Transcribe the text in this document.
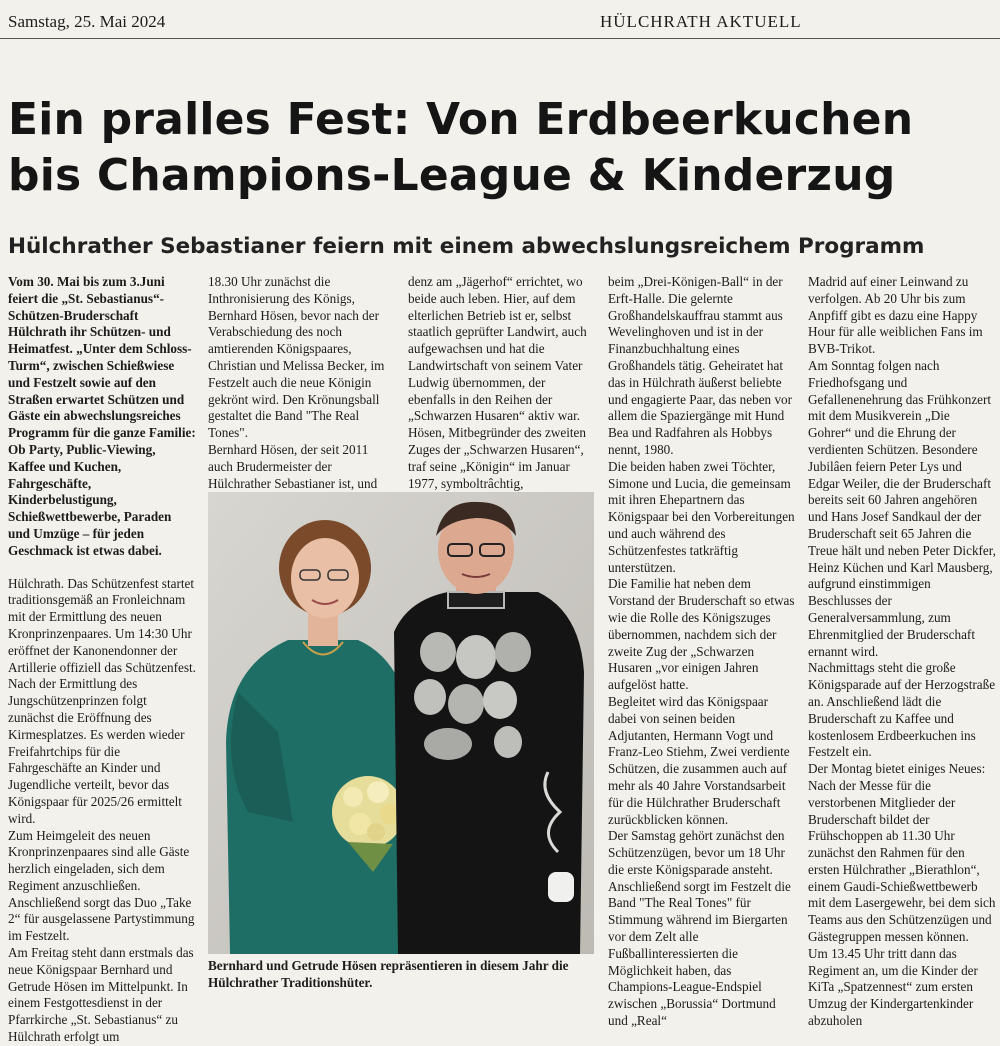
Samstag, 25. Mai 2024	HÜLCHRATH AKTUELL
Ein pralles Fest: Von Erdbeerkuchen
bis Champions-League & Kinderzug
Hülchrather Sebastianer feiern mit einem abwechslungsreichem Programm

Vom 30. Mai bis zum 3.Juni feiert die „St. Sebastianus“-Schützen-Bruderschaft Hülchrath ihr Schützen- und Heimatfest. „Unter dem Schloss-Turm“, zwischen Schießwiese und Festzelt sowie auf den Straßen erwartet Schützen und Gäste ein abwechslungsreiches Programm für die ganze Familie: Ob Party, Public-Viewing, Kaffee und Kuchen, Fahrgeschäfte, Kinderbelustigung, Schießwettbewerbe, Paraden und Umzüge – für jeden Geschmack ist etwas dabei.

Hülchrath. Das Schützenfest startet traditionsgemäß an Fronleichnam mit der Ermittlung des neuen Kronprinzenpaares. Um 14:30 Uhr eröffnet der Kanonendonner der Artillerie offiziell das Schützenfest. Nach der Ermittlung des Jungschützenprinzen folgt zunächst die Eröffnung des Kirmesplatzes. Es werden wieder Freifahrtchips für die Fahrgeschäfte an Kinder und Jugendliche verteilt, bevor das Königspaar für 2025/26 ermittelt wird.

Zum Heimgeleit des neuen Kronprinzenpaares sind alle Gäste herzlich eingeladen, sich dem Regiment anzuschließen. Anschließend sorgt das Duo „Take 2“ für ausgelassene Partystimmung im Festzelt.

Am Freitag steht dann erstmals das neue Königspaar Bernhard und Getrude Hösen im Mittelpunkt. In einem Festgottesdienst in der Pfarrkirche „St. Sebastianus“ zu Hülchrath erfolgt um

18.30 Uhr zunächst die Inthronisierung des Königs, Bernhard Hösen, bevor nach der Verabschiedung des noch amtierenden Königspaares, Christian und Melissa Becker, im Festzelt auch die neue Königin gekrönt wird. Den Krönungsball gestaltet die Band "The Real Tones".

Bernhard Hösen, der seit 2011 auch Brudermeister der Hülchrather Sebastianer ist, und

denz am „Jägerhof“ errichtet, wo beide auch leben. Hier, auf dem elterlichen Betrieb ist er, selbst staatlich geprüfter Landwirt, auch aufgewachsen und hat die Landwirtschaft von seinem Vater Ludwig übernommen, der ebenfalls in den Reihen der „Schwarzen Husaren“ aktiv war.

Hösen, Mitbegründer des zweiten Zuges der „Schwarzen Husaren“, traf seine „Königin“ im Januar 1977, symboltrâchtig,

Bernhard und Getrude Hösen repräsentieren in diesem Jahr die Hülchrather Traditionshüter.

beim „Drei-Königen-Ball“ in der Erft-Halle. Die gelernte Großhandelskauffrau stammt aus Wevelinghoven und ist in der Finanzbuchhaltung eines Großhandels tätig. Geheiratet hat das in Hülchrath äußerst beliebte und engagierte Paar, das neben vor allem die Spaziergänge mit Hund Bea und Radfahren als Hobbys nennt, 1980.

Die beiden haben zwei Töchter, Simone und Lucia, die gemeinsam mit ihren Ehepartnern das Königspaar bei den Vorbereitungen und auch während des Schützenfestes tatkräftig unterstützen.

Die Familie hat neben dem Vorstand der Bruderschaft so etwas wie die Rolle des Königszuges übernommen, nachdem sich der zweite Zug der „Schwarzen Husaren „vor einigen Jahren aufgelöst hatte.

Begleitet wird das Königspaar dabei von seinen beiden Adjutanten, Hermann Vogt und Franz-Leo Stiehm, Zwei verdiente Schützen, die zusammen auch auf mehr als 40 Jahre Vorstandsarbeit für die Hülchrather Bruderschaft zurückblicken können.

Der Samstag gehört zunächst den Schützenzügen, bevor um 18 Uhr die erste Königsparade ansteht. Anschließend sorgt im Festzelt die Band "The Real Tones" für Stimmung während im Biergarten vor dem Zelt alle Fußballinteressierten die Möglichkeit haben, das Champions-League-Endspiel zwischen „Borussia“ Dortmund und „Real“

Madrid auf einer Leinwand zu verfolgen. Ab 20 Uhr bis zum Anpfiff gibt es dazu eine Happy Hour für alle weiblichen Fans im BVB-Trikot.

Am Sonntag folgen nach Friedhofsgang und Gefallenenehrung das Frühkonzert mit dem Musikverein „Die Gohrer“ und die Ehrung der verdienten Schützen. Besondere Jubilâen feiern Peter Lys und Edgar Weiler, die der Bruderschaft bereits seit 60 Jahren angehören und Hans Josef Sandkaul der der Bruderschaft seit 65 Jahren die Treue hält und neben Peter Dickfer, Heinz Küchen und Karl Mausberg, aufgrund einstimmigen Beschlusses der Generalversammlung, zum Ehrenmitglied der Bruderschaft ernannt wird.

Nachmittags steht die große Königsparade auf der Herzogstraße an. Anschließend lädt die Bruderschaft zu Kaffee und kostenlosem Erdbeerkuchen ins Festzelt ein.

Der Montag bietet einiges Neues: Nach der Messe für die verstorbenen Mitglieder der Bruderschaft bildet der Frühschoppen ab 11.30 Uhr zunächst den Rahmen für den ersten Hülchrather „Bierathlon“, einem Gaudi-Schießwettbewerb mit dem Lasergewehr, bei dem sich Teams aus den Schützenzügen und Gästegruppen messen können.

Um 13.45 Uhr tritt dann das Regiment an, um die Kinder der KiTa „Spatzennest“ zum ersten Umzug der Kindergartenkinder abzuholen
